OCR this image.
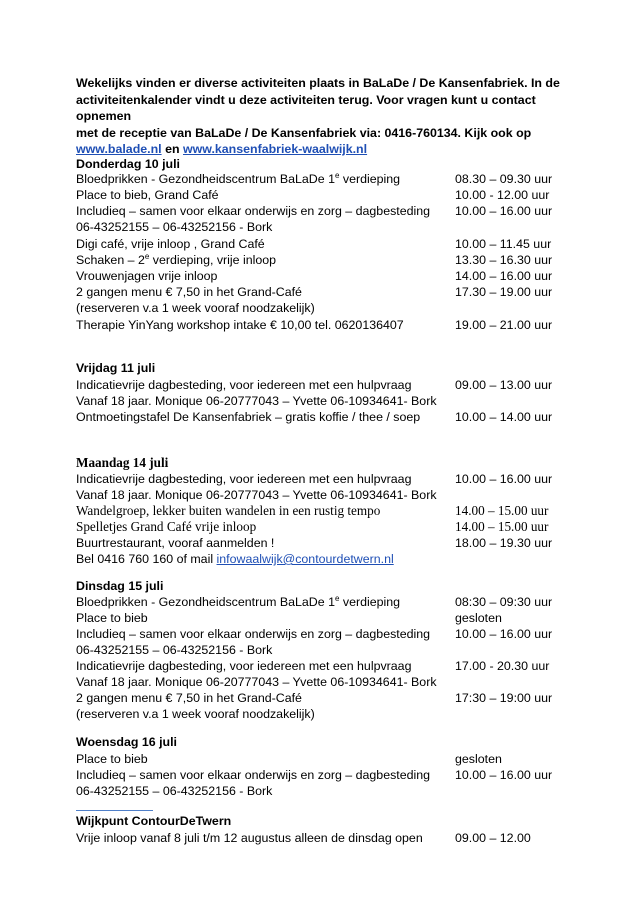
Wekelijks vinden er diverse activiteiten plaats in BaLaDe / De Kansenfabriek. In de

activiteitenkalender vindt u deze activiteiten terug. Voor vragen kunt u contact opnemen

met de receptie van BaLaDe / De Kansenfabriek via: 0416-760134. Kijk ook op

www.balade.nl en www.kansenfabriek-waalwijk.nl

Donderdag 10 juli
Bloedprikken - Gezondheidscentrum BaLaDe 1e verdieping	08.30 – 09.30 uur
Place to bieb, Grand Café	10.00 - 12.00 uur
Includieq – samen voor elkaar onderwijs en zorg – dagbesteding 10.00 – 16.00 uur
06-43252155 – 06-43252156 - Bork
Digi café, vrije inloop , Grand Café	10.00 – 11.45 uur
Schaken – 2e verdieping, vrije inloop	13.30 – 16.30 uur
Vrouwenjagen vrije inloop	14.00 – 16.00 uur
2 gangen menu € 7,50 in het Grand-Café	17.30 – 19.00 uur
(reserveren v.a 1 week vooraf noodzakelijk)
Therapie YinYang workshop intake € 10,00 tel. 0620136407	19.00 – 21.00 uur
Vrijdag 11 juli
Indicatievrije dagbesteding, voor iedereen met een hulpvraag	09.00 – 13.00 uur
Vanaf 18 jaar. Monique 06-20777043 – Yvette 06-10934641- Bork
Ontmoetingstafel De Kansenfabriek – gratis koffie / thee / soep	10.00 – 14.00 uur
Maandag 14 juli
Indicatievrije dagbesteding, voor iedereen met een hulpvraag	10.00 – 16.00 uur
Vanaf 18 jaar. Monique 06-20777043 – Yvette 06-10934641- Bork
Wandelgroep, lekker buiten wandelen in een rustig tempo	14.00 – 15.00 uur
Spelletjes Grand Café vrije inloop	14.00 – 15.00 uur
Buurtrestaurant, vooraf aanmelden !	18.00 – 19.30 uur
Bel 0416 760 160 of mail infowaalwijk@contourdetwern.nl
Dinsdag 15 juli
Bloedprikken - Gezondheidscentrum BaLaDe 1e verdieping	08:30 – 09:30 uur
Place to bieb	gesloten
Includieq – samen voor elkaar onderwijs en zorg – dagbesteding 10.00 – 16.00 uur
06-43252155 – 06-43252156 - Bork
Indicatievrije dagbesteding, voor iedereen met een hulpvraag	17.00 - 20.30 uur
Vanaf 18 jaar. Monique 06-20777043 – Yvette 06-10934641- Bork
2 gangen menu € 7,50 in het Grand-Café	17:30 – 19:00 uur
(reserveren v.a 1 week vooraf noodzakelijk)
Woensdag 16 juli
Place to bieb	gesloten
Includieq – samen voor elkaar onderwijs en zorg – dagbesteding 10.00 – 16.00 uur
06-43252155 – 06-43252156 - Bork
Wijkpunt ContourDeTwern
Vrije inloop vanaf 8 juli t/m 12 augustus alleen de dinsdag open	09.00 – 12.00
